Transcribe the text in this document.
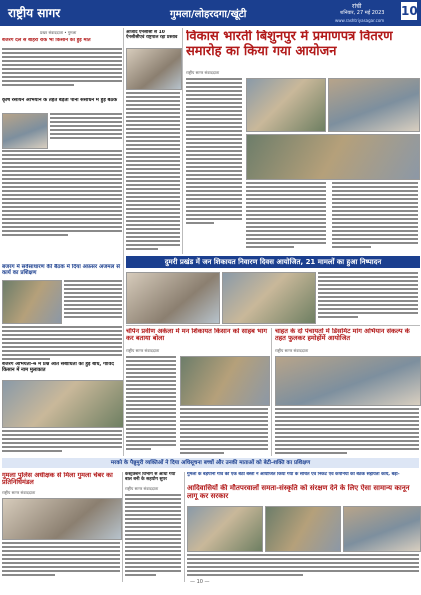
राष्ट्रीय सागर	गुमला/लोहरदगा/खूंटी
रांची
शनिवार, 27 मई 2023
www.rashtriyasagar.com
10
प्रखर संवाददाता • गुमला
बजरंग दल से बाहरी रोक भी किसान की हुई मौत
कृषि रसायन अभियान के तहत बड़ती पानी संसाधन में हुई बैठक
बजरंग में सर्वसाधारण की बैठक में दिया अफ़सर अजमल से कार्य का प्रशिक्षण
बजरंग अभियंता-4 में प्रश्न आते संबोधितों की हुई बोध, गोविंद किसान में नाम मुलाकात
आजाद ऐनसीसी से 10 ऐनसीसीएवं राष्ट्रपाल रहा प्रस्ताव विकास भारती बिशुनपुर में प्रमाणपत्र वितरण समारोह का किया गया आयोजन
राष्ट्रीय सागर संवाददाता
दुमरी प्रखंड में जन शिकायत निवारण दिवस आयोजित, 21 मामलों का हुआ निष्पादन
चंपिन प्रवीण अकेला में मन शिकायत किसान को साहब भाग कर बताया बोला
राष्ट्रीय सागर संवाददाता
चाहत के दो पंचायतों में डिसमिट मांग अभियान संकल्प के तहत फुलकर हमोहोंमें आयोजित
राष्ट्रीय सागर संवाददाता
मरको के पैन्नुमुरी व्यक्तिओं ने दिया अधिसूचना बच्चों और उनकी माताओं को बेटी-शक्ति का प्रशिक्षण
गुमला पुलिस अधीक्षक से मिला गुमला चेंबर का प्रतिनिधिमंडल
राष्ट्रीय सागर संवाददाता
कंस्ट्रक्शन विभाग से आधा गया बाल बनी के सहयोग सुपर
राष्ट्रीय सागर संवाददाता
गुमला के बड़ेपानी गांव की एक बैठी बस्ती ने आयोजित किया गया के संचित एवं निकट एवं कंपनियों की बैठक सहायता कार्य, बड़ा-
आदिवासियों की मौतपरवालों समता-संस्कृति को संरक्षण देने के लिए ऐसा सामान्य कानून लागू कर सरकार
— 10 —
